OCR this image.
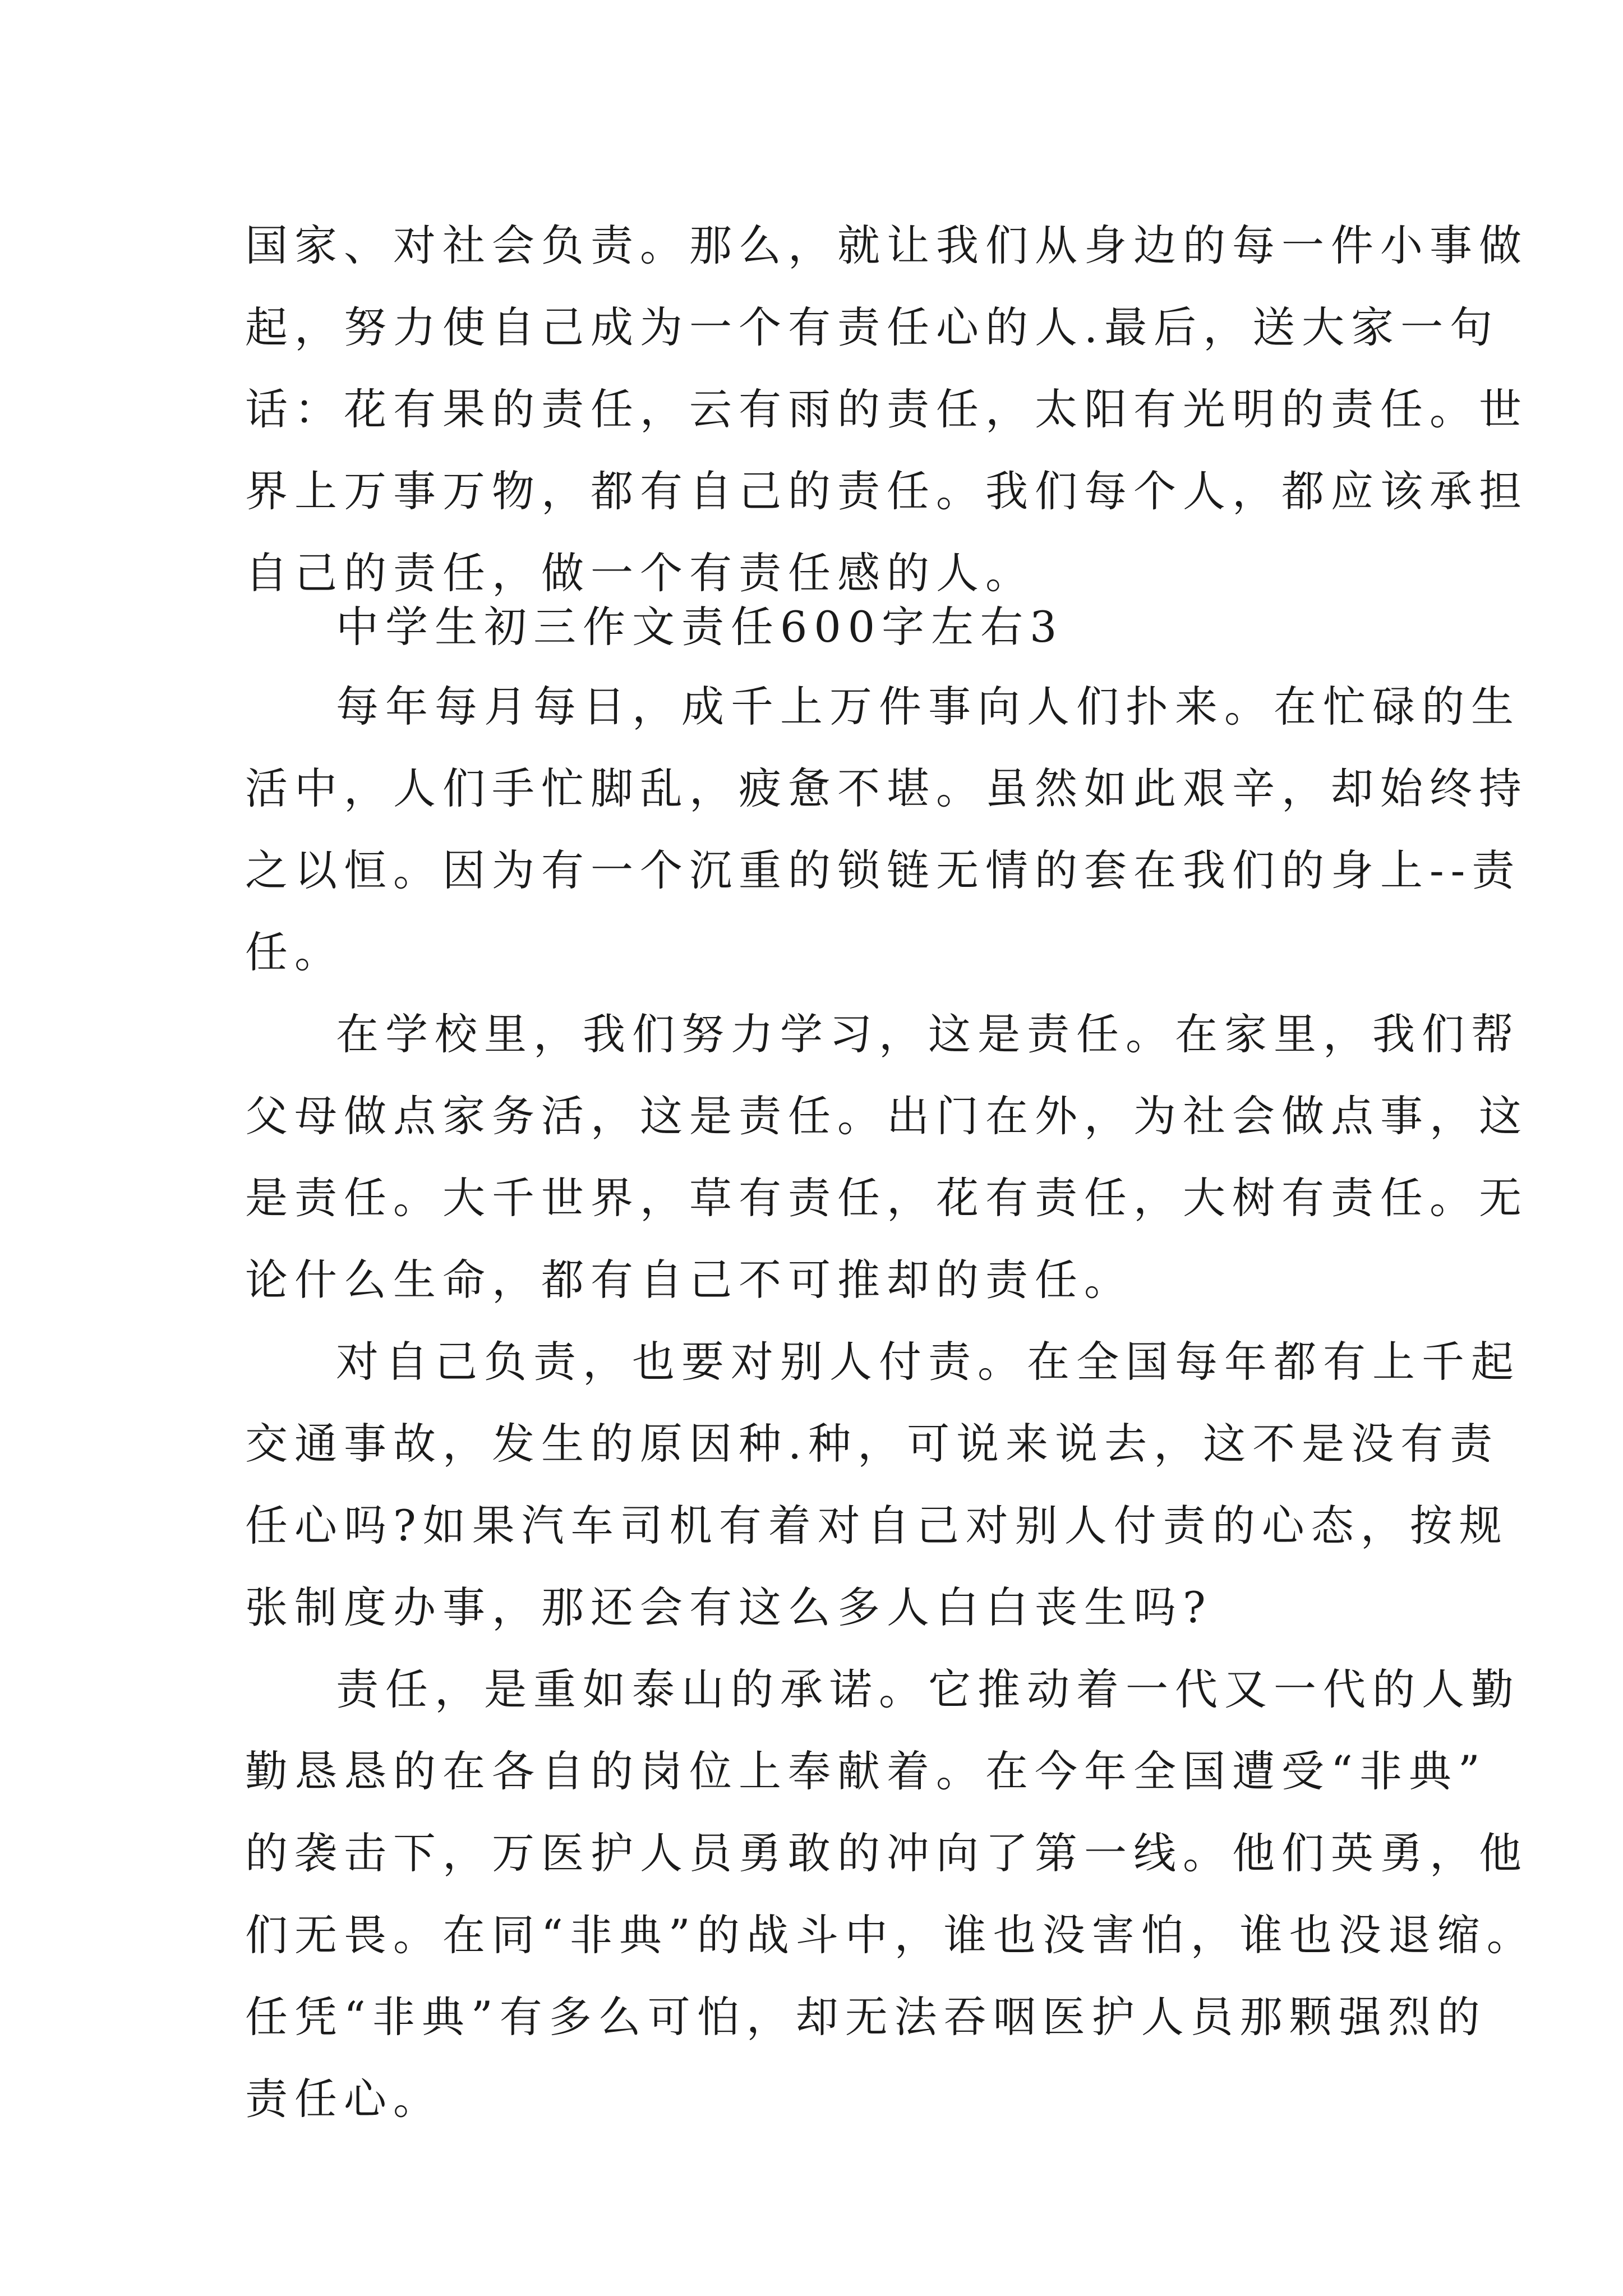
国家、对社会负责。那么，就让我们从身边的每一件小事做
起，努力使自己成为一个有责任心的人.最后，送大家一句
话：花有果的责任，云有雨的责任，太阳有光明的责任。世
界上万事万物，都有自己的责任。我们每个人，都应该承担
自己的责任，做一个有责任感的人。
中学生初三作文责任600字左右3
每年每月每日，成千上万件事向人们扑来。在忙碌的生
活中，人们手忙脚乱，疲惫不堪。虽然如此艰辛，却始终持
之以恒。因为有一个沉重的锁链无情的套在我们的身上--责
任。
在学校里，我们努力学习，这是责任。在家里，我们帮
父母做点家务活，这是责任。出门在外，为社会做点事，这
是责任。大千世界，草有责任，花有责任，大树有责任。无
论什么生命，都有自己不可推却的责任。
对自己负责，也要对别人付责。在全国每年都有上千起
交通事故，发生的原因种.种，可说来说去，这不是没有责
任心吗?如果汽车司机有着对自己对别人付责的心态，按规
张制度办事，那还会有这么多人白白丧生吗?
责任，是重如泰山的承诺。它推动着一代又一代的人勤
勤恳恳的在各自的岗位上奉献着。在今年全国遭受“非典”
的袭击下，万医护人员勇敢的冲向了第一线。他们英勇，他
们无畏。在同“非典”的战斗中，谁也没害怕，谁也没退缩。
任凭“非典”有多么可怕，却无法吞咽医护人员那颗强烈的
责任心。
